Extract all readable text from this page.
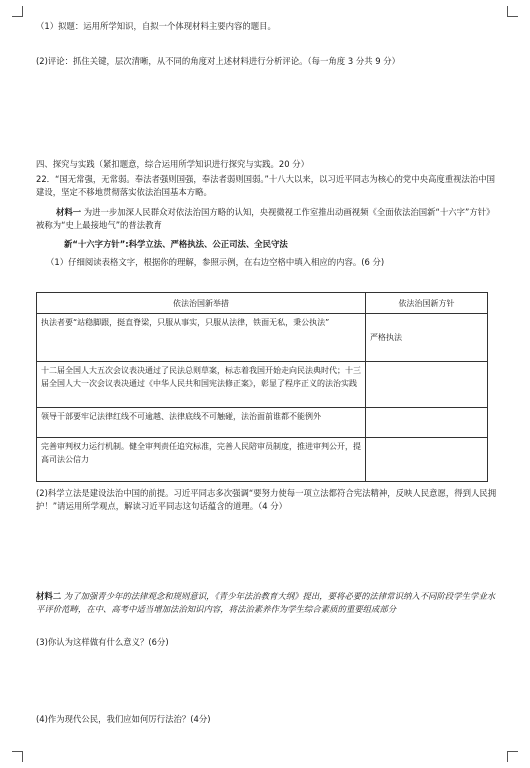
（1）拟题：运用所学知识，自拟一个体现材料主要内容的题目。
(2)评论：抓住关键，层次清晰，从不同的角度对上述材料进行分析评论。（每一角度 3 分共 9 分）
四、探究与实践（紧扣题意，综合运用所学知识进行探究与实践。20 分）
22．“国无常强，无常弱。奉法者强则国强，奉法者弱则国弱。”十八大以来，以习近平同志为核心的党中央高度重视法治中国建设，坚定不移地贯彻落实依法治国基本方略。
材料一 为进一步加深人民群众对依法治国方略的认知，央视微视工作室推出动画视频《全面依法治国新“十六字”方针》被称为“史上最接地气”的普法教育
新“十六字方针”:科学立法、严格执法、公正司法、全民守法
（1）仔细阅读表格文字，根据你的理解，参照示例，在右边空格中填入相应的内容。(6 分)
依法治国新举措	依法治国新方针
执法者要“站稳脚跟，挺直脊梁，只服从事实，只服从法律，铁面无私，秉公执法”	严格执法
十二届全国人大五次会议表决通过了民法总则草案，标志着我国开始走向民法典时代；十三届全国人大一次会议表决通过《中华人民共和国宪法修正案》，彰显了程序正义的法治实践	
领导干部要牢记法律红线不可逾越、法律底线不可触碰，法治面前谁都不能例外	
完善审判权力运行机制。健全审判责任追究标准，完善人民陪审员制度，推进审判公开，提高司法公信力	
(2)科学立法是建设法治中国的前提。习近平同志多次强调“要努力使每一项立法都符合宪法精神，反映人民意愿，得到人民拥护！”请运用所学观点，解读习近平同志这句话蕴含的道理。（4 分）
材料二 为了加强青少年的法律观念和规则意识，《青少年法治教育大纲》提出，要将必要的法律常识纳入不同阶段学生学业水平评价范畴，在中、高考中适当增加法治知识内容，将法治素养作为学生综合素质的重要组成部分
(3)你认为这样做有什么意义？(6分)
(4)作为现代公民，我们应如何厉行法治？(4分)
